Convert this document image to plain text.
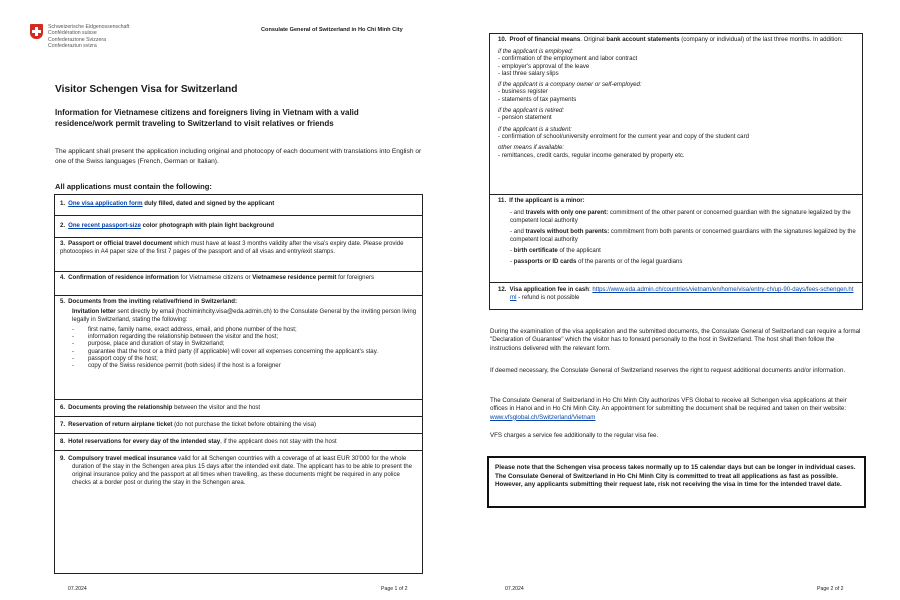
Schweizerische Eidgenossenschaft
Confédération suisse
Confederazione Svizzera
Confederaziun svizra
Consulate General of Switzerland in Ho Chi Minh City
Visitor Schengen Visa for Switzerland
Information for Vietnamese citizens and foreigners living in Vietnam with a valid residence/work permit traveling to Switzerland to visit relatives or friends

The applicant shall present the application including original and photocopy of each document with translations into English or one of the Swiss languages (French, German or Italian).

All applications must contain the following:

1. One visa application form duly filled, dated and signed by the applicant
2. One recent passport-size color photograph with plain light background
3. Passport or official travel document which must have at least 3 months validity after the visa's expiry date. Please provide photocopies in A4 paper size of the first 7 pages of the passport and of all visas and entry/exit stamps.
4. Confirmation of residence information for Vietnamese citizens or Vietnamese residence permit for foreigners
5. Documents from the inviting relative/friend in Switzerland:
Invitation letter sent directly by email (hochiminhcity.visa@eda.admin.ch) to the Consulate General by the inviting person living legally in Switzerland, stating the following:
- first name, family name, exact address, email, and phone number of the host;
- information regarding the relationship between the visitor and the host;
- purpose, place and duration of stay in Switzerland;
- guarantee that the host or a third party (if applicable) will cover all expenses concerning the applicant's stay.
- passport copy of the host;
- copy of the Swiss residence permit (both sides) if the host is a foreigner
6. Documents proving the relationship between the visitor and the host
7. Reservation of return airplane ticket (do not purchase the ticket before obtaining the visa)
8. Hotel reservations for every day of the intended stay, if the applicant does not stay with the host
9. Compulsory travel medical insurance valid for all Schengen countries with a coverage of at least EUR 30'000 for the whole duration of the stay in the Schengen area plus 15 days after the intended exit date. The applicant has to be able to present the original insurance policy and the passport at all times when travelling, as these documents might be required in any police checks at a border post or during the stay in the Schengen area.
07.2024	Page 1 of 2
10. Proof of financial means. Original bank account statements (company or individual) of the last three months. In addition:
if the applicant is employed:
- confirmation of the employment and labor contract
- employer's approval of the leave
- last three salary slips
if the applicant is a company owner or self-employed:
- business register
- statements of tax payments
if the applicant is retired:
- pension statement
if the applicant is a student:
- confirmation of school/university enrolment for the current year and copy of the student card
other means if available:
- remittances, credit cards, regular income generated by property etc.
11. If the applicant is a minor:
- and travels with only one parent: commitment of the other parent or concerned guardian with the signature legalized by the competent local authority
- and travels without both parents: commitment from both parents or concerned guardians with the signatures legalized by the competent local authority
- birth certificate of the applicant
- passports or ID cards of the parents or of the legal guardians
12. Visa application fee in cash: https://www.eda.admin.ch/countries/vietnam/en/home/visa/entry-ch/up-90-days/fees-schengen.html - refund is not possible

During the examination of the visa application and the submitted documents, the Consulate General of Switzerland can require a formal "Declaration of Guarantee" which the visitor has to forward personally to the host in Switzerland. The host shall then follow the instructions delivered with the relevant form.

If deemed necessary, the Consulate General of Switzerland reserves the right to request additional documents and/or information.

The Consulate General of Switzerland in Ho Chi Minh City authorizes VFS Global to receive all Schengen visa applications at their offices in Hanoi and in Ho Chi Minh City. An appointment for submitting the document shall be required and taken on their website: www.vfsglobal.ch/Switzerland/Vietnam

VFS charges a service fee additionally to the regular visa fee.

Please note that the Schengen visa process takes normally up to 15 calendar days but can be longer in individual cases. The Consulate General of Switzerland in Ho Chi Minh City is committed to treat all applications as fast as possible. However, any applicants submitting their request late, risk not receiving the visa in time for the intended travel date.
07.2024	Page 2 of 2
